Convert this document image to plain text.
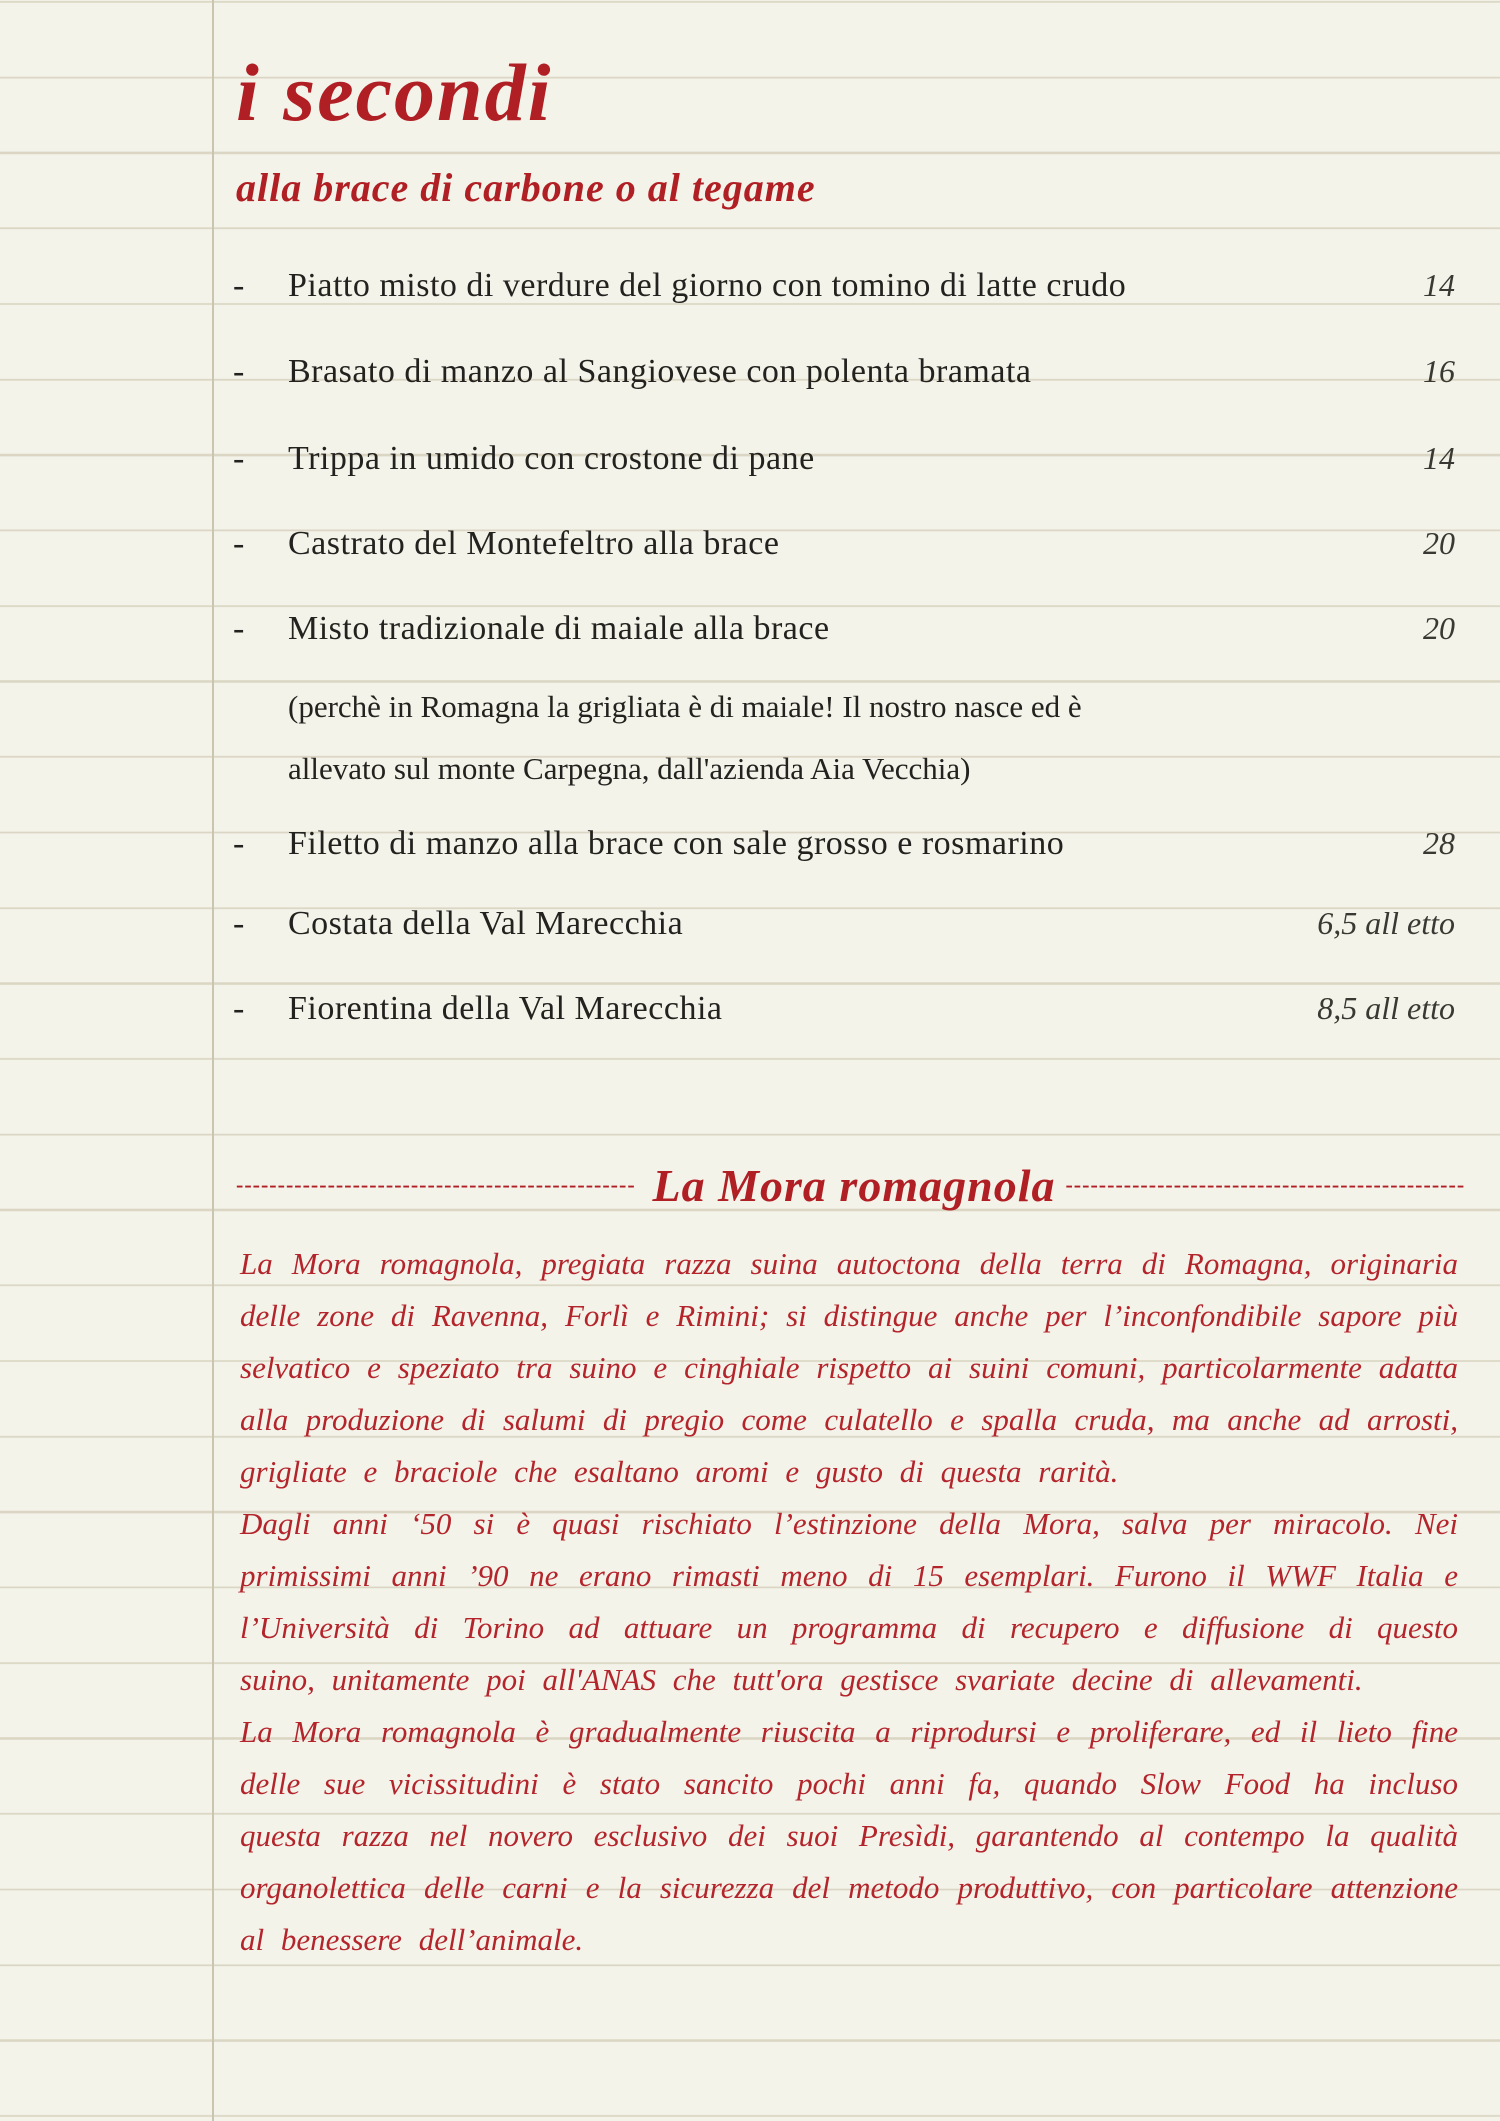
i secondi
alla brace di carbone o al tegame
-	Piatto misto di verdure del giorno con tomino di latte crudo	14
-	Brasato di manzo al Sangiovese con polenta bramata	16
-	Trippa in umido con crostone di pane	14
-	Castrato del Montefeltro alla brace	20
-	Misto tradizionale di maiale alla brace	20
(perchè in Romagna la grigliata è di maiale! Il nostro nasce ed è
allevato sul monte Carpegna, dall'azienda Aia Vecchia)
-	Filetto di manzo alla brace con sale grosso e rosmarino	28
-	Costata della Val Marecchia	6,5 all etto
-	Fiorentina della Val Marecchia	8,5 all etto
------------------------------------------------ La Mora romagnola ------------------------------------------------

La Mora romagnola, pregiata razza suina autoctona della terra di Romagna, originaria delle zone di Ravenna, Forlì e Rimini; si distingue anche per l’inconfondibile sapore più selvatico e speziato tra suino e cinghiale rispetto ai suini comuni, particolarmente adatta alla produzione di salumi di pregio come culatello e spalla cruda, ma anche ad arrosti, grigliate e braciole che esaltano aromi e gusto di questa rarità.

Dagli anni ‘50 si è quasi rischiato l’estinzione della Mora, salva per miracolo. Nei primissimi anni ’90 ne erano rimasti meno di 15 esemplari. Furono il WWF Italia e l’Università di Torino ad attuare un programma di recupero e diffusione di questo suino, unitamente poi all'ANAS che tutt'ora gestisce svariate decine di allevamenti.

La Mora romagnola è gradualmente riuscita a riprodursi e proliferare, ed il lieto fine delle sue vicissitudini è stato sancito pochi anni fa, quando Slow Food ha incluso questa razza nel novero esclusivo dei suoi Presìdi, garantendo al contempo la qualità organolettica delle carni e la sicurezza del metodo produttivo, con particolare attenzione al benessere dell’animale.
